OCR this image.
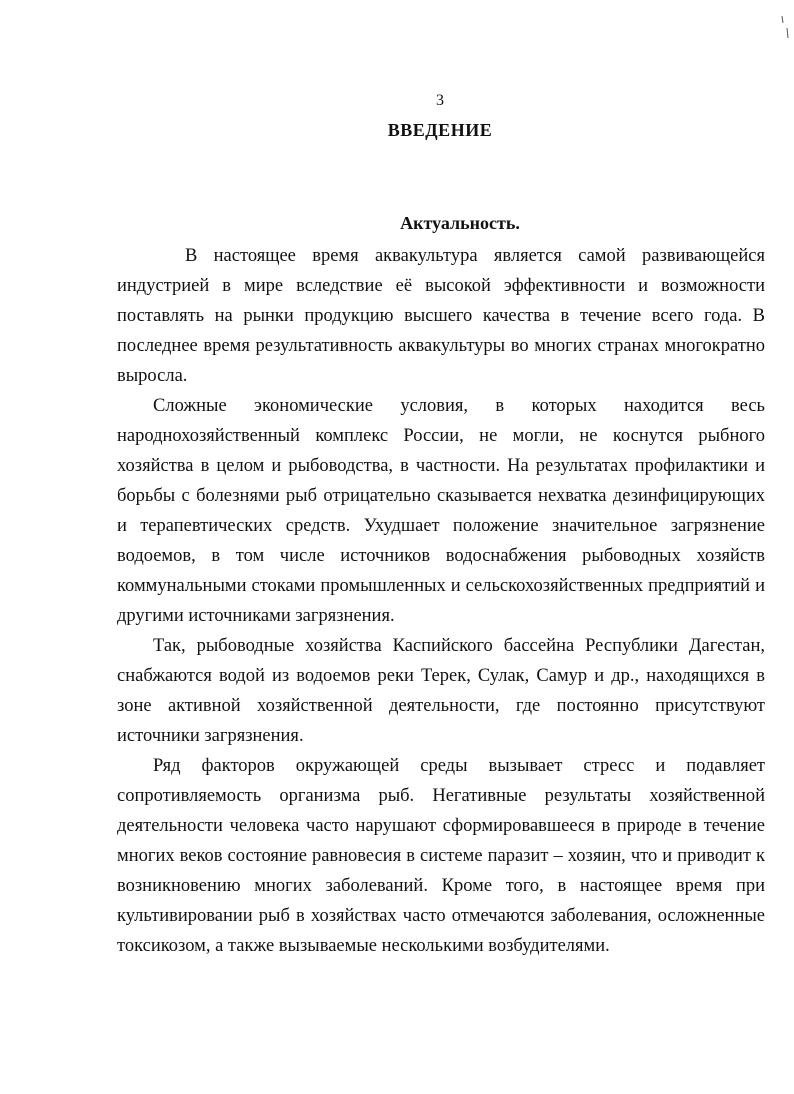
3
ВВЕДЕНИЕ
Актуальность.

В настоящее время аквакультура является самой развивающейся индустрией в мире вследствие её высокой эффективности и возможности поставлять на рынки продукцию высшего качества в течение всего года. В последнее время результативность аквакультуры во многих странах многократно выросла.

Сложные экономические условия, в которых находится весь народнохозяйственный комплекс России, не могли, не коснутся рыбного хозяйства в целом и рыбоводства, в частности. На результатах профилактики и борьбы с болезнями рыб отрицательно сказывается нехватка дезинфицирующих и терапевтических средств. Ухудшает положение значительное загрязнение водоемов, в том числе источников водоснабжения рыбоводных хозяйств коммунальными стоками промышленных и сельскохозяйственных предприятий и другими источниками загрязнения.

Так, рыбоводные хозяйства Каспийского бассейна Республики Дагестан, снабжаются водой из водоемов реки Терек, Сулак, Самур и др., находящихся в зоне активной хозяйственной деятельности, где постоянно присутствуют источники загрязнения.

Ряд факторов окружающей среды вызывает стресс и подавляет сопротивляемость организма рыб. Негативные результаты хозяйственной деятельности человека часто нарушают сформировавшееся в природе в течение многих веков состояние равновесия в системе паразит – хозяин, что и приводит к возникновению многих заболеваний. Кроме того, в настоящее время при культивировании рыб в хозяйствах часто отмечаются заболевания, осложненные токсикозом, а также вызываемые несколькими возбудителями.
